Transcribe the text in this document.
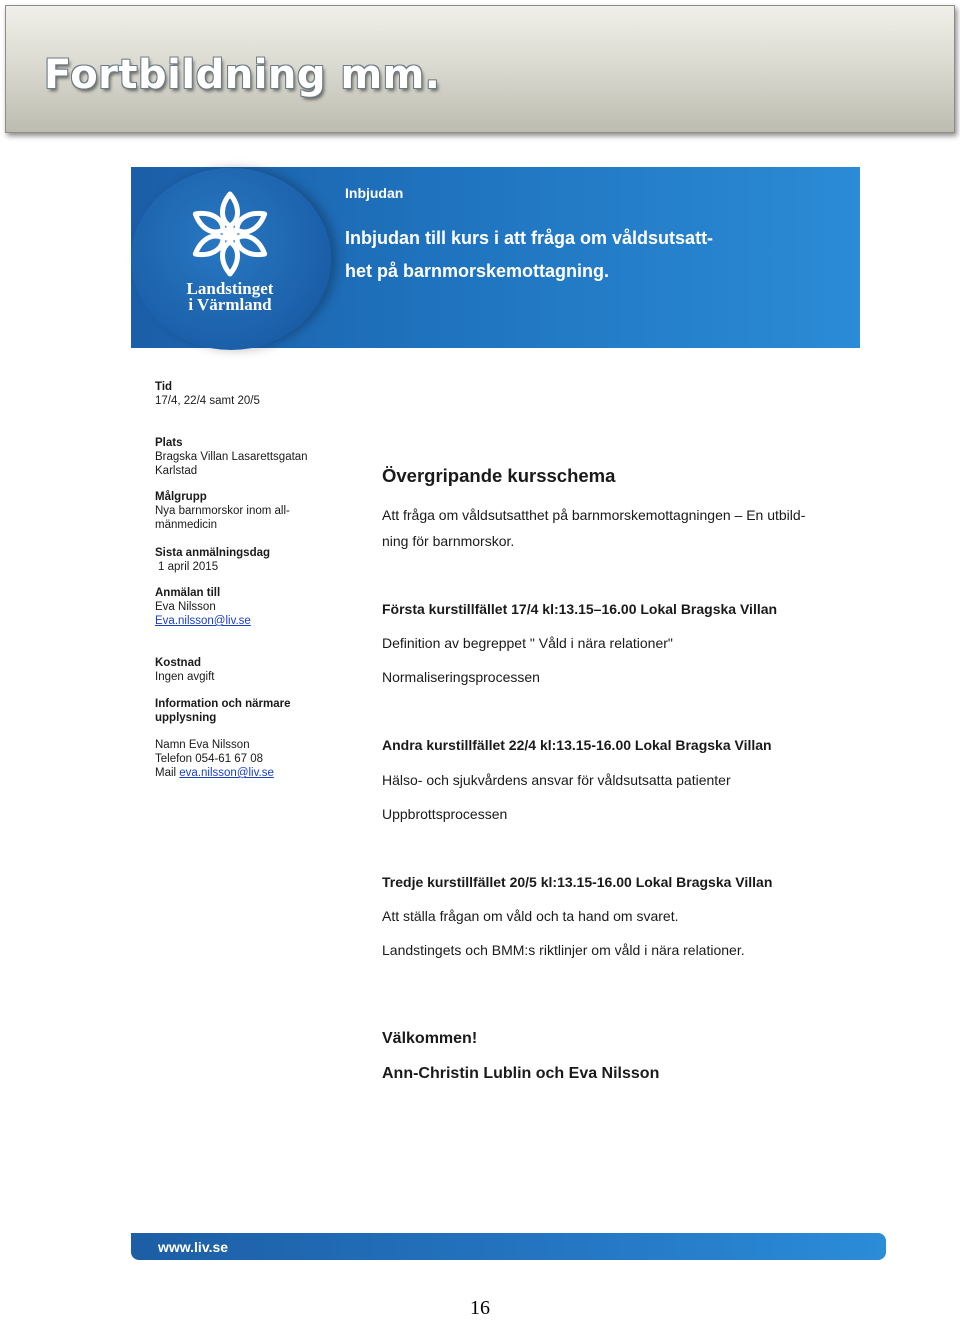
Fortbildning mm.
Inbjudan
Inbjudan till kurs i att fråga om våldsutsatt-
het på barnmorskemottagning.
Landstinget
i Värmland
Tid
17/4, 22/4 samt 20/5
Plats
Bragska Villan Lasarettsgatan
Karlstad
Målgrupp
Nya barnmorskor inom all-
mänmedicin
Sista anmälningsdag
1 april 2015
Anmälan till
Eva Nilsson
Eva.nilsson@liv.se
Kostnad
Ingen avgift
Information och närmare
upplysning
Namn Eva Nilsson
Telefon 054-61 67 08
Mail eva.nilsson@liv.se
Övergripande kursschema
Att fråga om våldsutsatthet på barnmorskemottagningen – En utbild-
ning för barnmorskor.
Första kurstillfället 17/4 kl:13.15–16.00 Lokal Bragska Villan
Definition av begreppet " Våld i nära relationer"
Normaliseringsprocessen
Andra kurstillfället 22/4 kl:13.15-16.00 Lokal Bragska Villan
Hälso- och sjukvårdens ansvar för våldsutsatta patienter
Uppbrottsprocessen
Tredje kurstillfället 20/5 kl:13.15-16.00 Lokal Bragska Villan
Att ställa frågan om våld och ta hand om svaret.
Landstingets och BMM:s riktlinjer om våld i nära relationer.
Välkommen!
Ann-Christin Lublin och Eva Nilsson
www.liv.se
16
